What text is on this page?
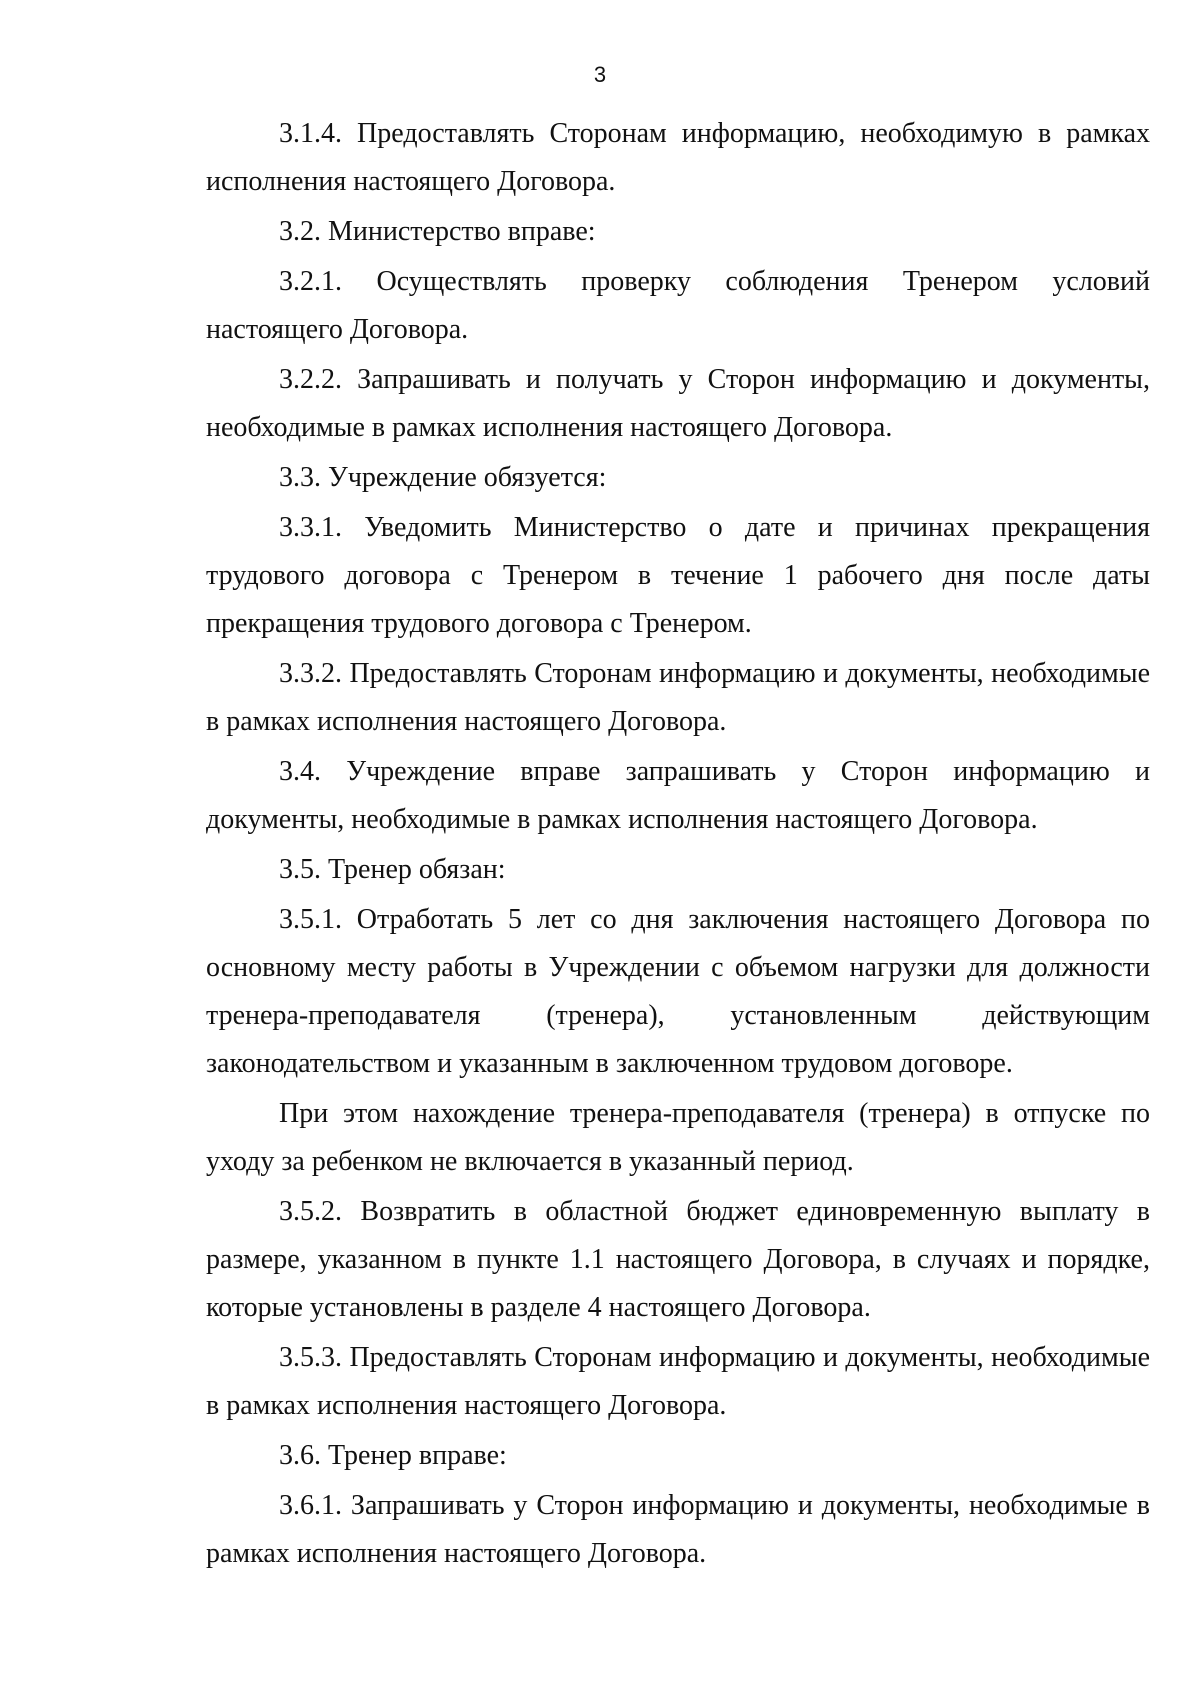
3

3.1.4. Предоставлять Сторонам информацию, необходимую в рамках исполнения настоящего Договора.

3.2. Министерство вправе:

3.2.1. Осуществлять проверку соблюдения Тренером условий настоящего Договора.

3.2.2. Запрашивать и получать у Сторон информацию и документы, необходимые в рамках исполнения настоящего Договора.

3.3. Учреждение обязуется:

3.3.1. Уведомить Министерство о дате и причинах прекращения трудового договора с Тренером в течение 1 рабочего дня после даты прекращения трудового договора с Тренером.

3.3.2. Предоставлять Сторонам информацию и документы, необходимые в рамках исполнения настоящего Договора.

3.4. Учреждение вправе запрашивать у Сторон информацию и документы, необходимые в рамках исполнения настоящего Договора.

3.5. Тренер обязан:

3.5.1. Отработать 5 лет со дня заключения настоящего Договора по основному месту работы в Учреждении с объемом нагрузки для должности тренера-преподавателя (тренера), установленным действующим законодательством и указанным в заключенном трудовом договоре.

При этом нахождение тренера-преподавателя (тренера) в отпуске по уходу за ребенком не включается в указанный период.

3.5.2. Возвратить в областной бюджет единовременную выплату в размере, указанном в пункте 1.1 настоящего Договора, в случаях и порядке, которые установлены в разделе 4 настоящего Договора.

3.5.3. Предоставлять Сторонам информацию и документы, необходимые в рамках исполнения настоящего Договора.

3.6. Тренер вправе:

3.6.1. Запрашивать у Сторон информацию и документы, необходимые в рамках исполнения настоящего Договора.
